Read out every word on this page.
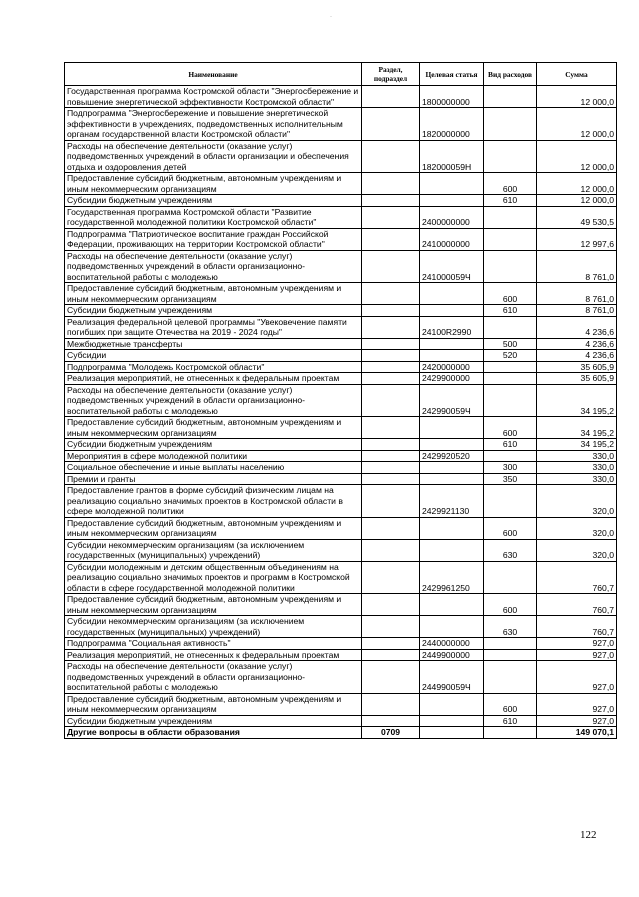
·
Наименование	Раздел, подраздел	Целевая статья	Вид расходов	Сумма
Государственная программа Костромской области "Энергосбережение и повышение энергетической эффективности Костромской области"		1800000000		12 000,0
Подпрограмма "Энергосбережение и повышение энергетической эффективности в учреждениях, подведомственных исполнительным органам государственной власти Костромской области"		1820000000		12 000,0
Расходы на обеспечение деятельности (оказание услуг) подведомственных учреждений в области организации и обеспечения отдыха и оздоровления детей		182000059Н		12 000,0
Предоставление субсидий бюджетным, автономным учреждениям и иным некоммерческим организациям			600	12 000,0
Субсидии бюджетным учреждениям			610	12 000,0
Государственная программа Костромской области "Развитие государственной молодежной политики Костромской области"		2400000000		49 530,5
Подпрограмма "Патриотическое воспитание граждан Российской Федерации, проживающих на территории Костромской области"		2410000000		12 997,6
Расходы на обеспечение деятельности (оказание услуг) подведомственных учреждений в области организационно-воспитательной работы с молодежью		241000059Ч		8 761,0
Предоставление субсидий бюджетным, автономным учреждениям и иным некоммерческим организациям			600	8 761,0
Субсидии бюджетным учреждениям			610	8 761,0
Реализация федеральной целевой программы "Увековечение памяти погибших при защите Отечества на 2019 - 2024 годы"		24100R2990		4 236,6
Межбюджетные трансферты			500	4 236,6
Субсидии			520	4 236,6
Подпрограмма "Молодежь Костромской области"		2420000000		35 605,9
Реализация мероприятий, не отнесенных к федеральным проектам		2429900000		35 605,9
Расходы на обеспечение деятельности (оказание услуг) подведомственных учреждений в области организационно-воспитательной работы с молодежью		242990059Ч		34 195,2
Предоставление субсидий бюджетным, автономным учреждениям и иным некоммерческим организациям			600	34 195,2
Субсидии бюджетным учреждениям			610	34 195,2
Мероприятия в сфере молодежной политики		2429920520		330,0
Социальное обеспечение и иные выплаты населению			300	330,0
Премии и гранты			350	330,0
Предоставление грантов в форме субсидий физическим лицам на реализацию социально значимых проектов в Костромской области в сфере молодежной политики		2429921130		320,0
Предоставление субсидий бюджетным, автономным учреждениям и иным некоммерческим организациям			600	320,0
Субсидии некоммерческим организациям (за исключением государственных (муниципальных) учреждений)			630	320,0
Субсидии молодежным и детским общественным объединениям на реализацию социально значимых проектов и программ в Костромской области в сфере государственной молодежной политики		2429961250		760,7
Предоставление субсидий бюджетным, автономным учреждениям и иным некоммерческим организациям			600	760,7
Субсидии некоммерческим организациям (за исключением государственных (муниципальных) учреждений)			630	760,7
Подпрограмма "Социальная активность"		2440000000		927,0
Реализация мероприятий, не отнесенных к федеральным проектам		2449900000		927,0
Расходы на обеспечение деятельности (оказание услуг) подведомственных учреждений в области организационно-воспитательной работы с молодежью		244990059Ч		927,0
Предоставление субсидий бюджетным, автономным учреждениям и иным некоммерческим организациям			600	927,0
Субсидии бюджетным учреждениям			610	927,0
Другие вопросы в области образования	0709			149 070,1
122
